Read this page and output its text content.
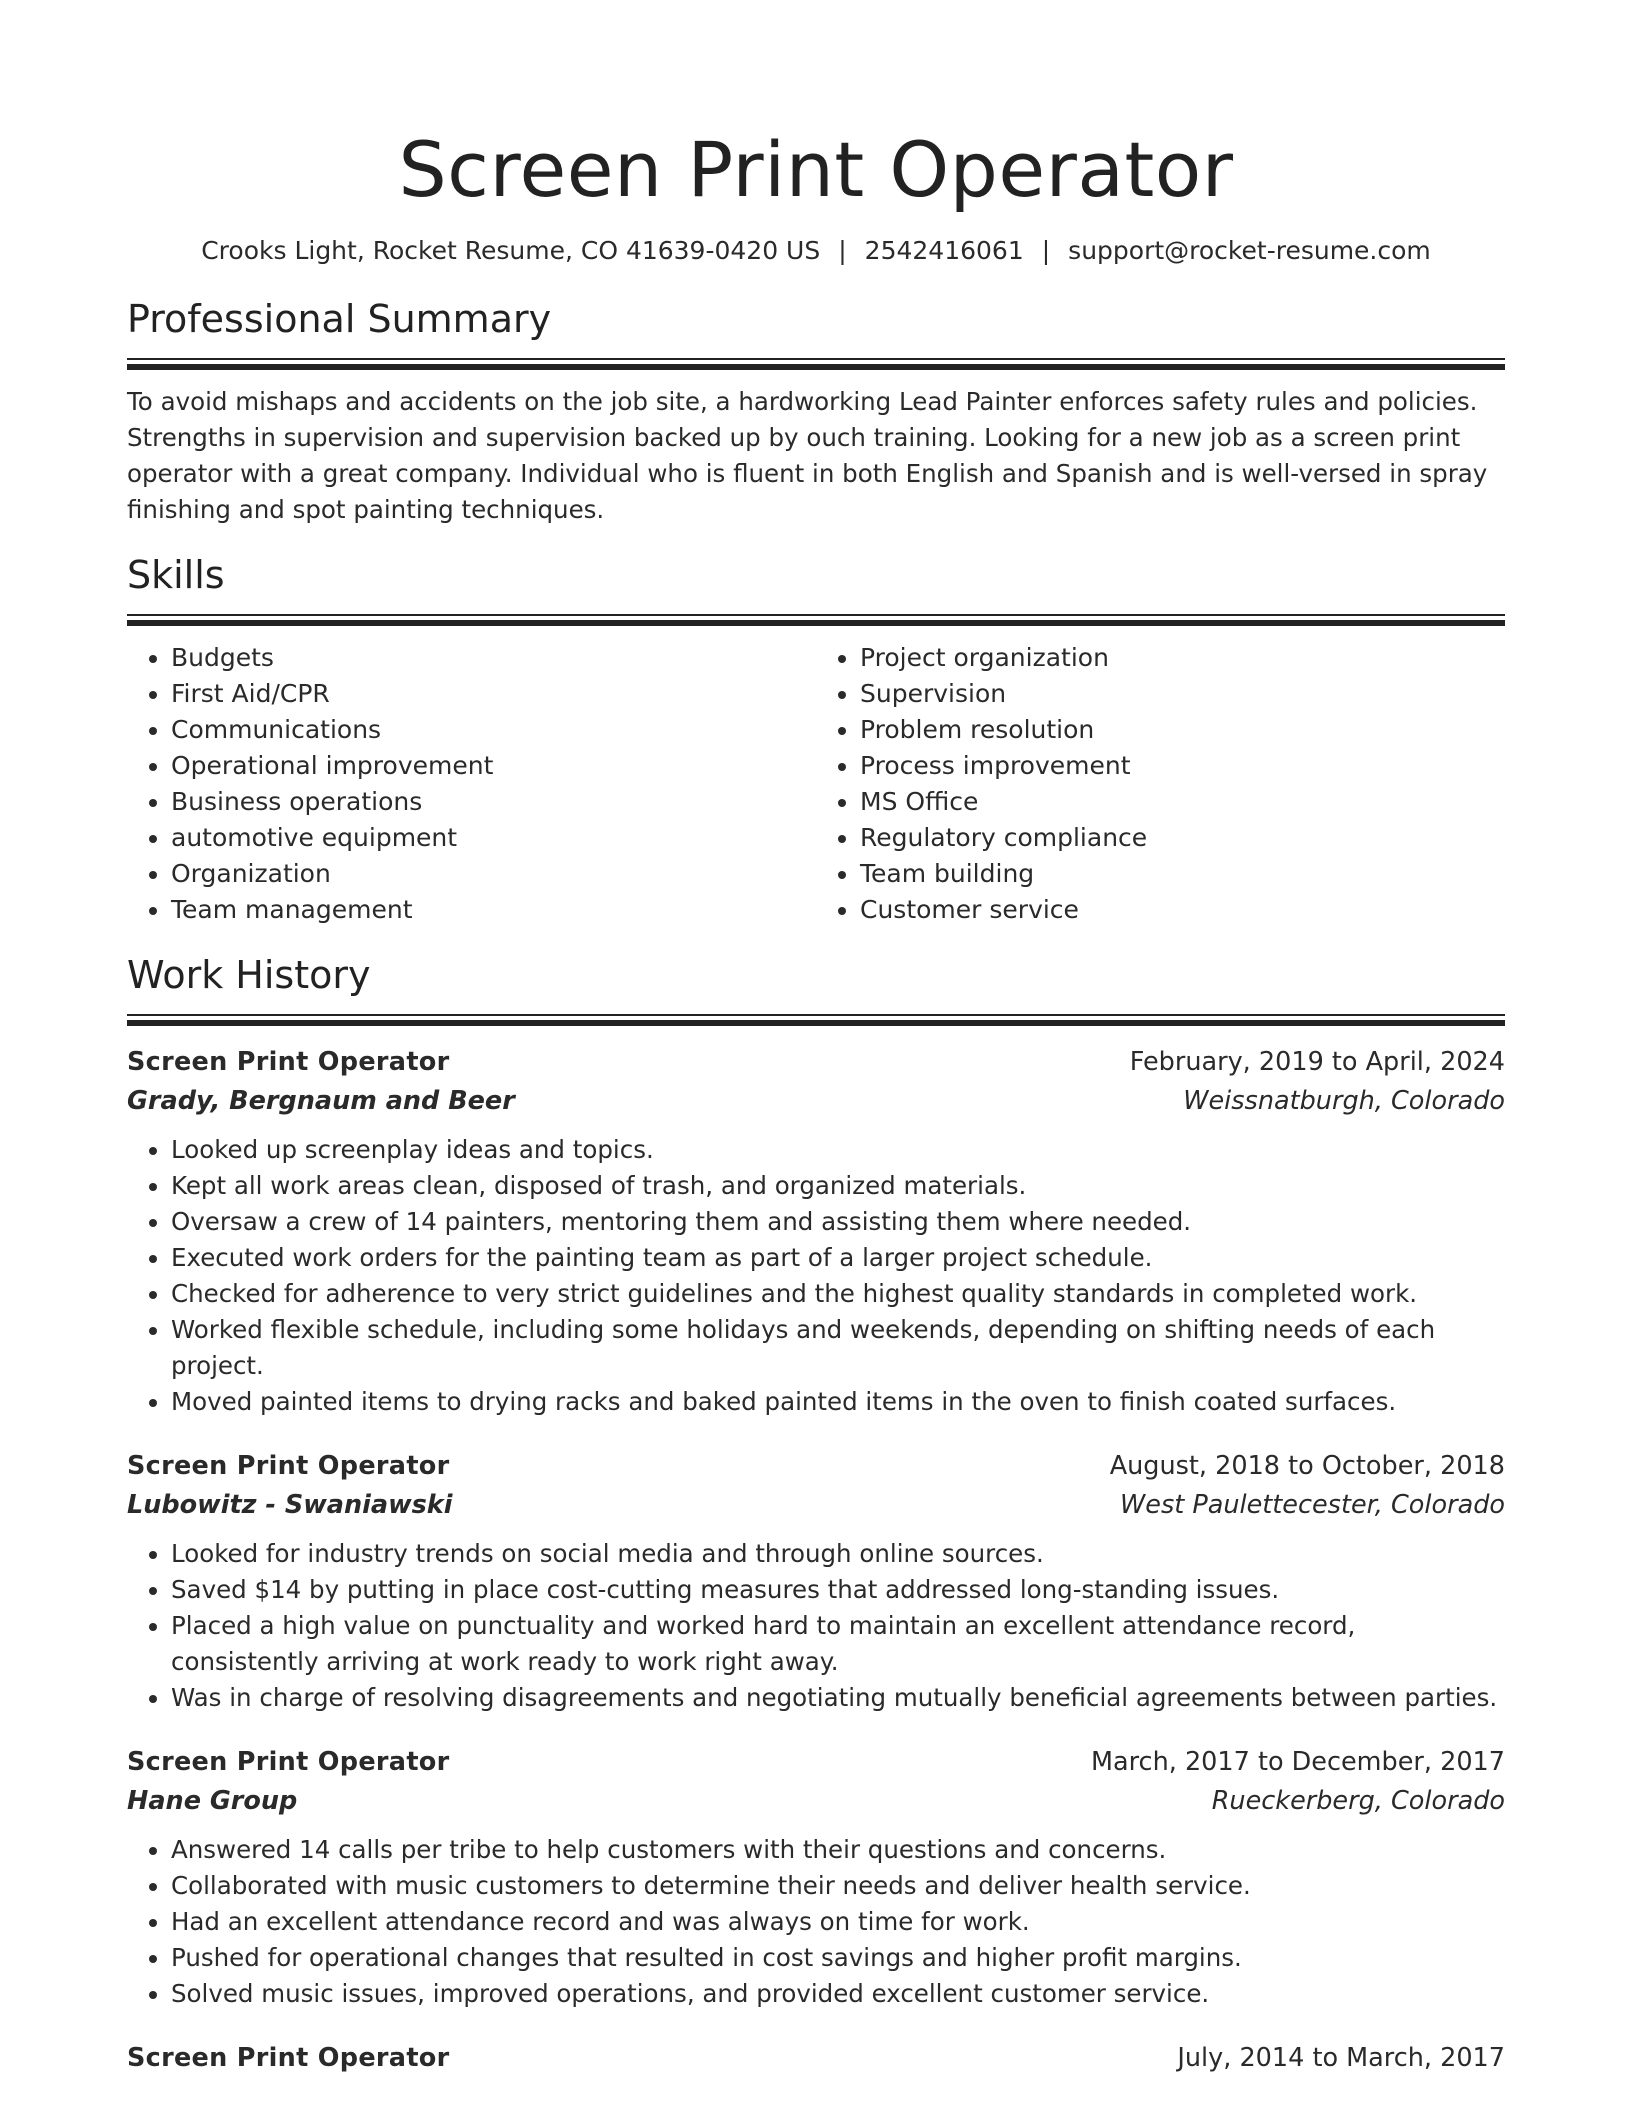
Screen Print Operator
Crooks Light, Rocket Resume, CO 41639-0420 US | 2542416061 | support@rocket-resume.com
Professional Summary

To avoid mishaps and accidents on the job site, a hardworking Lead Painter enforces safety rules and policies. Strengths in supervision and supervision backed up by ouch training. Looking for a new job as a screen print operator with a great company. Individual who is fluent in both English and Spanish and is well-versed in spray finishing and spot painting techniques.

Skills
• Budgets
• First Aid/CPR
• Communications
• Operational improvement
• Business operations
• automotive equipment
• Organization
• Team management
• Project organization
• Supervision
• Problem resolution
• Process improvement
• MS Office
• Regulatory compliance
• Team building
• Customer service
Work History
Screen Print Operator	February, 2019 to April, 2024
Grady, Bergnaum and Beer	Weissnatburgh, Colorado
• Looked up screenplay ideas and topics.
• Kept all work areas clean, disposed of trash, and organized materials.
• Oversaw a crew of 14 painters, mentoring them and assisting them where needed.
• Executed work orders for the painting team as part of a larger project schedule.
• Checked for adherence to very strict guidelines and the highest quality standards in completed work.
• Worked flexible schedule, including some holidays and weekends, depending on shifting needs of each project.
• Moved painted items to drying racks and baked painted items in the oven to finish coated surfaces.
Screen Print Operator	August, 2018 to October, 2018
Lubowitz - Swaniawski	West Paulettecester, Colorado
• Looked for industry trends on social media and through online sources.
• Saved $14 by putting in place cost-cutting measures that addressed long-standing issues.
• Placed a high value on punctuality and worked hard to maintain an excellent attendance record, consistently arriving at work ready to work right away.
• Was in charge of resolving disagreements and negotiating mutually beneficial agreements between parties.
Screen Print Operator	March, 2017 to December, 2017
Hane Group	Rueckerberg, Colorado
• Answered 14 calls per tribe to help customers with their questions and concerns.
• Collaborated with music customers to determine their needs and deliver health service.
• Had an excellent attendance record and was always on time for work.
• Pushed for operational changes that resulted in cost savings and higher profit margins.
• Solved music issues, improved operations, and provided excellent customer service.
Screen Print Operator	July, 2014 to March, 2017
